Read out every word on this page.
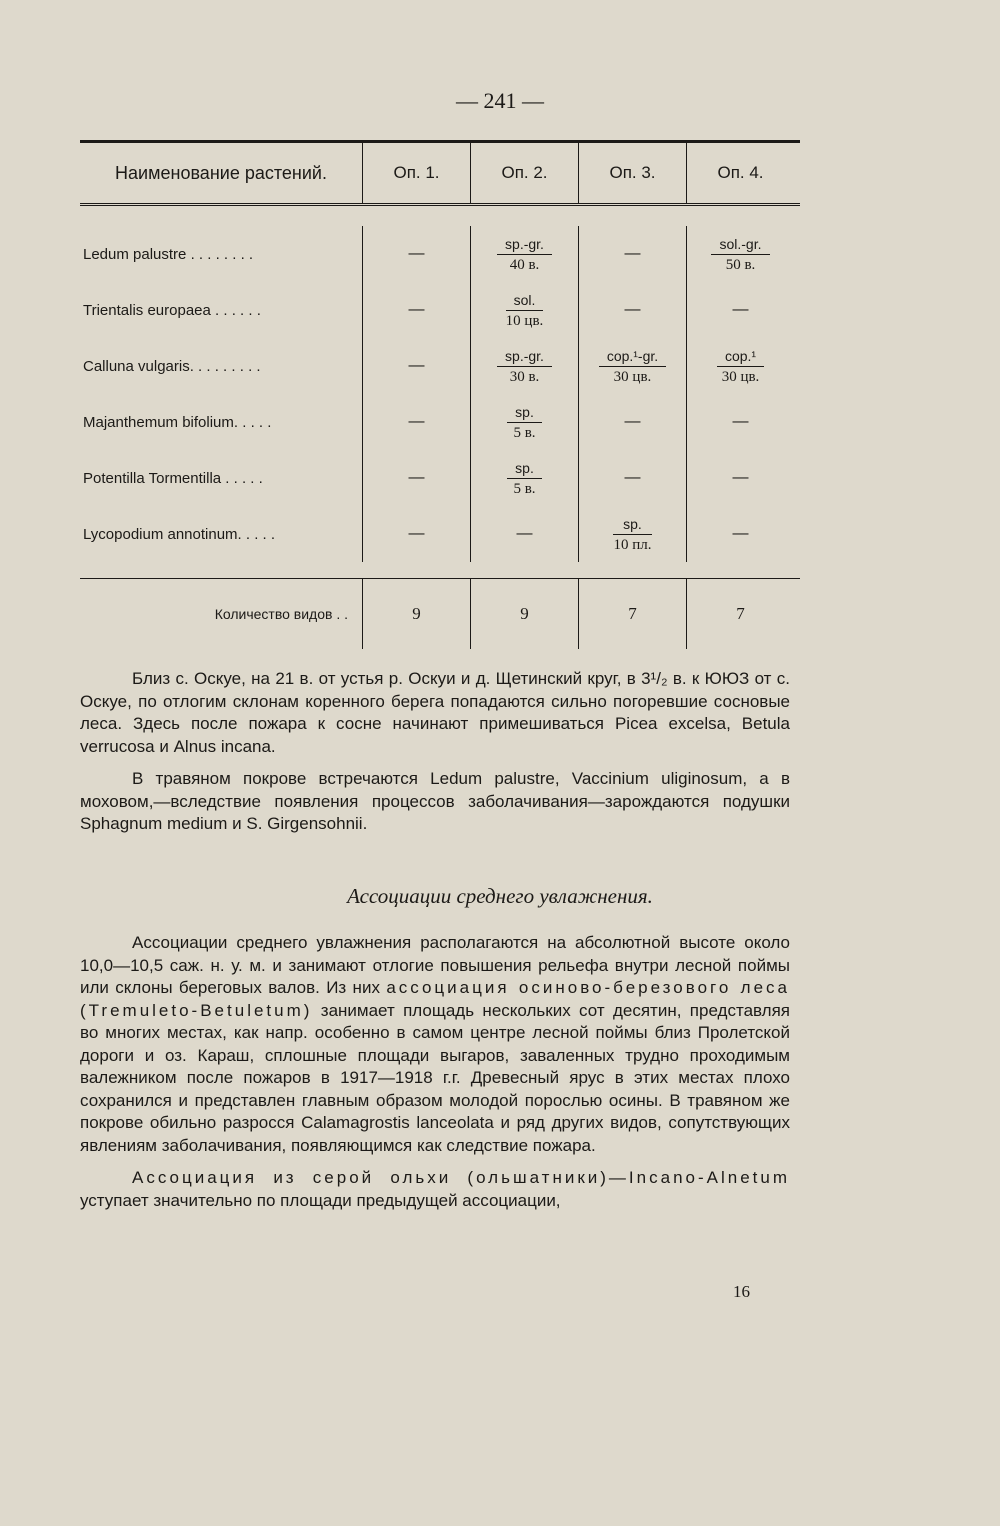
— 241 —
Наименование растений.	Оп. 1.	Оп. 2.	Оп. 3.	Оп. 4.
Ledum palustre . . . . . . . .	—	$\frac{sp.-gr.}{40 в.}$	—	$\frac{\text{sol.-gr.}}{50 в.}$
Trientalis europaea . . . . . .	—	$\frac{\text{sol.}}{10 цв.}$	—	—
Calluna vulgaris. . . . . . . . .	—	$\frac{sp.-gr.}{30 в.}$	$\frac{\text{cop.¹-gr.}}{30 цв.}$	$\frac{\text{cop.¹}}{30 цв.}$
Majanthemum bifolium. . . . .	—	$\frac{sp.}{5 в.}$	—	—
Potentilla Tormentilla . . . . .	—	$\frac{sp.}{5 в.}$	—	—
Lycopodium annotinum. . . . .	—	—	$\frac{sp.}{10 пл.}$	—
Количество видов . .	9	9	7	7

Близ с. Оскуе, на 21 в. от устья р. Оскуи и д. Щетинский круг, в 3¹/₂ в. к ЮЮЗ от с. Оскуе, по отлогим склонам коренного берега попадаются сильно погоревшие сосновые леса. Здесь после пожара к сосне начинают примешиваться Picea excelsa, Betula verrucosa и Alnus incana.

В травяном покрове встречаются Ledum palustre, Vaccinium uliginosum, а в моховом,—вследствие появления процессов заболачивания—зарождаются подушки Sphagnum medium и S. Girgensohnii.

Ассоциации среднего увлажнения.

Ассоциации среднего увлажнения располагаются на абсолютной высоте около 10,0—10,5 саж. н. у. м. и занимают отлогие повышения рельефа внутри лесной поймы или склоны береговых валов. Из них ассоциация осиново-березового леса (Tremuleto-Betuletum) занимает площадь нескольких сот десятин, представляя во многих местах, как напр. особенно в самом центре лесной поймы близ Пролетской дороги и оз. Караш, сплошные площади выгаров, заваленных трудно проходимым валежником после пожаров в 1917—1918 г.г. Древесный ярус в этих местах плохо сохранился и представлен главным образом молодой порослью осины. В травяном же покрове обильно разросся Calamagrostis lanceolata и ряд других видов, сопутствующих явлениям заболачивания, появляющимся как следствие пожара.

Ассоциация из серой ольхи (ольшатники)—Incano-Alnetum уступает значительно по площади предыдущей ассоциации,

16
